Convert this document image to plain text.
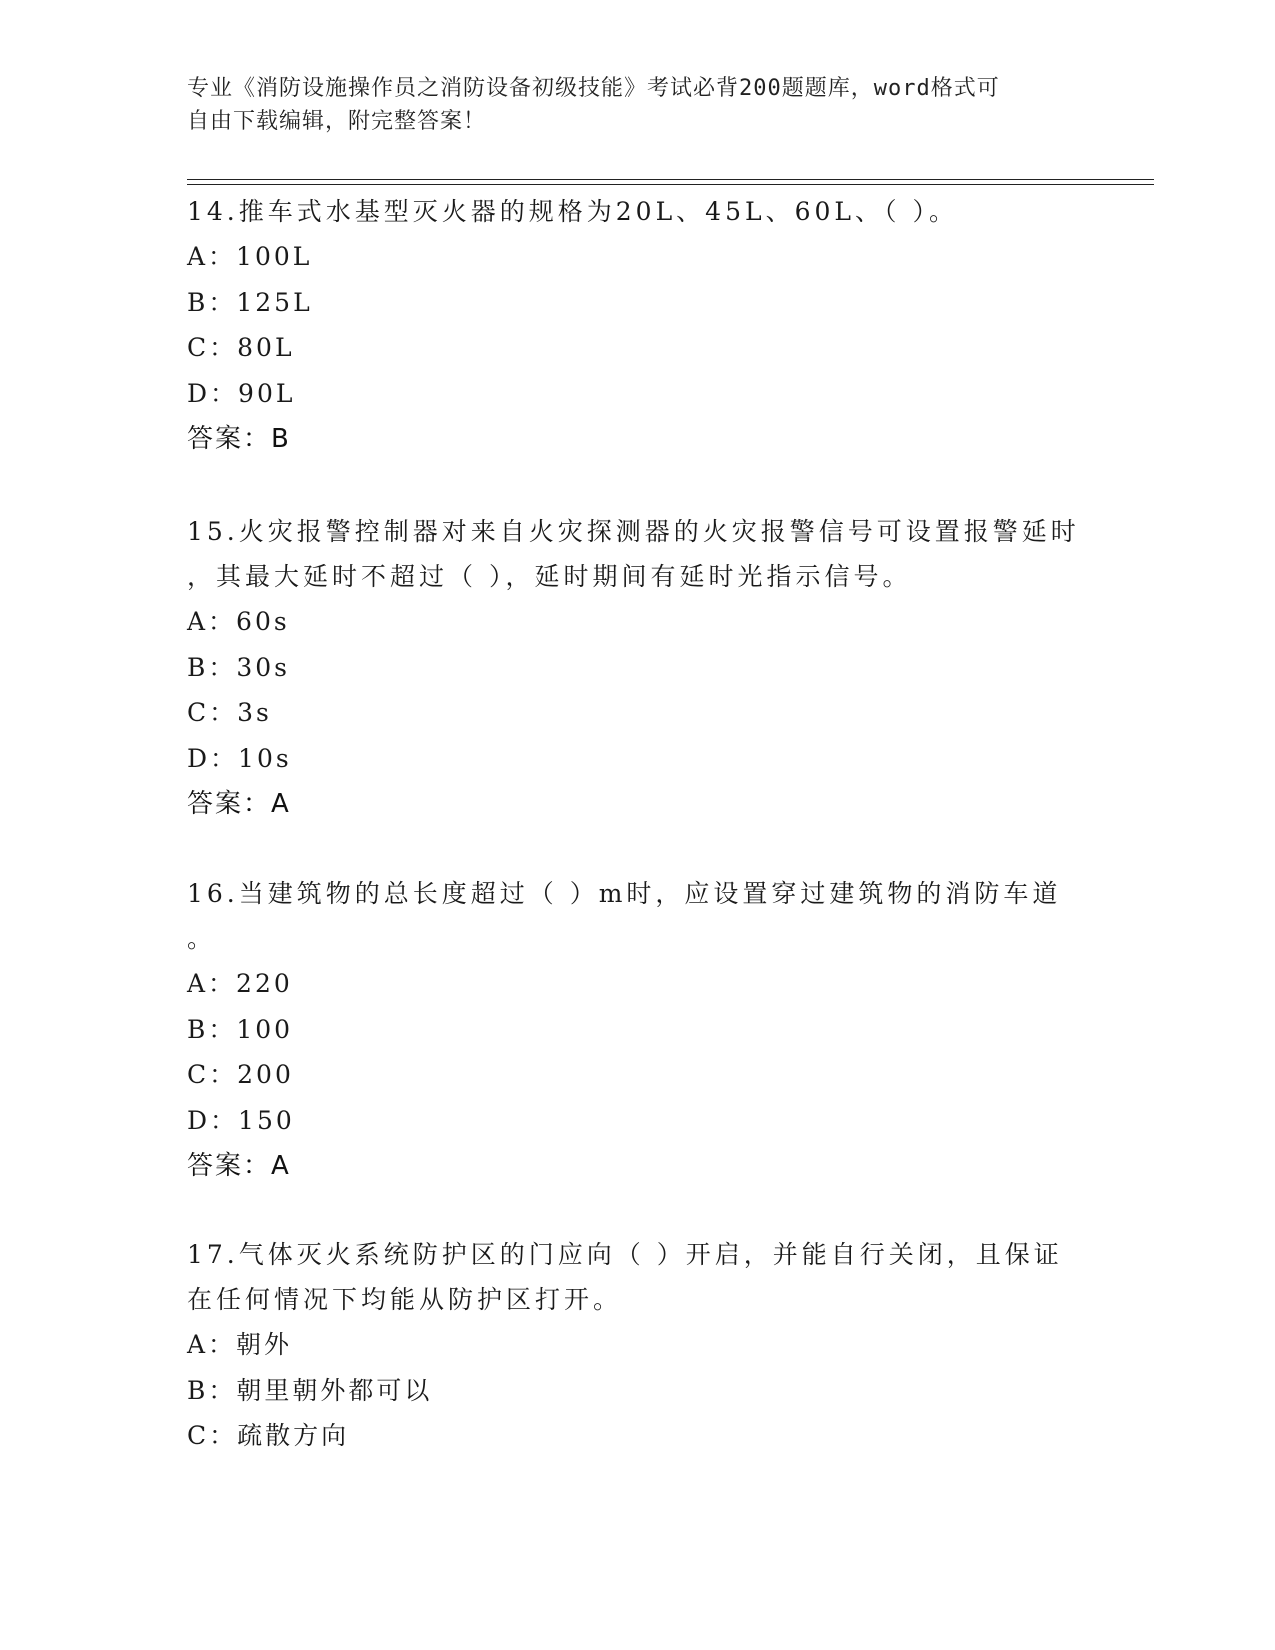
专业《消防设施操作员之消防设备初级技能》考试必背200题题库，word格式可
自由下载编辑，附完整答案！
14.推车式水基型灭火器的规格为20L、45L、60L、（ ）。
A：100L
B：125L
C：80L
D：90L
答案：B
15.火灾报警控制器对来自火灾探测器的火灾报警信号可设置报警延时
，其最大延时不超过（ ），延时期间有延时光指示信号。
A：60s
B：30s
C：3s
D：10s
答案：A
16.当建筑物的总长度超过（ ）m时，应设置穿过建筑物的消防车道
。
A：220
B：100
C：200
D：150
答案：A
17.气体灭火系统防护区的门应向（ ）开启，并能自行关闭，且保证
在任何情况下均能从防护区打开。
A：朝外
B：朝里朝外都可以
C：疏散方向
